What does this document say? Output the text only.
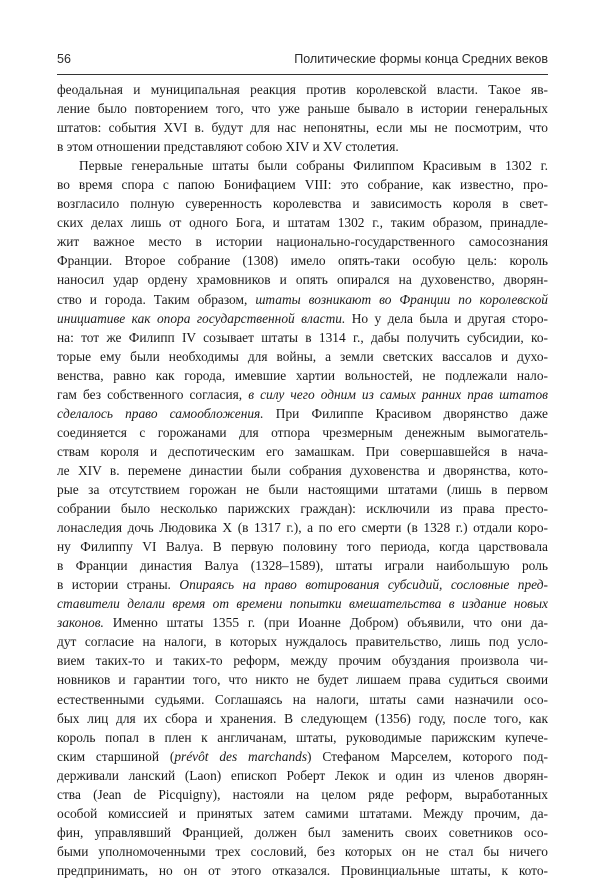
56	Политические формы конца Средних веков
феодальная и муниципальная реакция против королевской власти. Такое яв-
ление было повторением того, что уже раньше бывало в истории генеральных
штатов: события XVI в. будут для нас непонятны, если мы не посмотрим, что
в этом отношении представляют собою XIV и XV столетия.
Первые генеральные штаты были собраны Филиппом Красивым в 1302 г.
во время спора с папою Бонифацием VIII: это собрание, как известно, про-
возгласило полную суверенность королевства и зависимость короля в свет-
ских делах лишь от одного Бога, и штатам 1302 г., таким образом, принадле-
жит важное место в истории национально-государственного самосознания
Франции. Второе собрание (1308) имело опять-таки особую цель: король
наносил удар ордену храмовников и опять опирался на духовенство, дворян-
ство и города. Таким образом, штаты возникают во Франции по королевской
инициативе как опора государственной власти. Но у дела была и другая сторо-
на: тот же Филипп IV созывает штаты в 1314 г., дабы получить субсидии, ко-
торые ему были необходимы для войны, а земли светских вассалов и духо-
венства, равно как города, имевшие хартии вольностей, не подлежали нало-
гам без собственного согласия, в силу чего одним из самых ранних прав штатов
сделалось право самообложения. При Филиппе Красивом дворянство даже
соединяется с горожанами для отпора чрезмерным денежным вымогатель-
ствам короля и деспотическим его замашкам. При совершавшейся в нача-
ле XIV в. перемене династии были собрания духовенства и дворянства, кото-
рые за отсутствием горожан не были настоящими штатами (лишь в первом
собрании было несколько парижских граждан): исключили из права престо-
лонаследия дочь Людовика X (в 1317 г.), а по его смерти (в 1328 г.) отдали коро-
ну Филиппу VI Валуа. В первую половину того периода, когда царствовала
в Франции династия Валуа (1328–1589), штаты играли наибольшую роль
в истории страны. Опираясь на право вотирования субсидий, сословные пред-
ставители делали время от времени попытки вмешательства в издание новых
законов. Именно штаты 1355 г. (при Иоанне Добром) объявили, что они да-
дут согласие на налоги, в которых нуждалось правительство, лишь под усло-
вием таких-то и таких-то реформ, между прочим обуздания произвола чи-
новников и гарантии того, что никто не будет лишаем права судиться своими
естественными судьями. Соглашаясь на налоги, штаты сами назначили осо-
бых лиц для их сбора и хранения. В следующем (1356) году, после того, как
король попал в плен к англичанам, штаты, руководимые парижским купече-
ским старшиной (prévôt des marchands) Стефаном Марселем, которого под-
держивали ланский (Laon) епископ Роберт Лекок и один из членов дворян-
ства (Jean de Picquigny), настояли на целом ряде реформ, выработанных
особой комиссией и принятых затем самими штатами. Между прочим, да-
фин, управлявший Францией, должен был заменить своих советников осо-
быми уполномоченными трех сословий, без которых он не стал бы ничего
предпринимать, но он от этого отказался. Провинциальные штаты, к кото-
